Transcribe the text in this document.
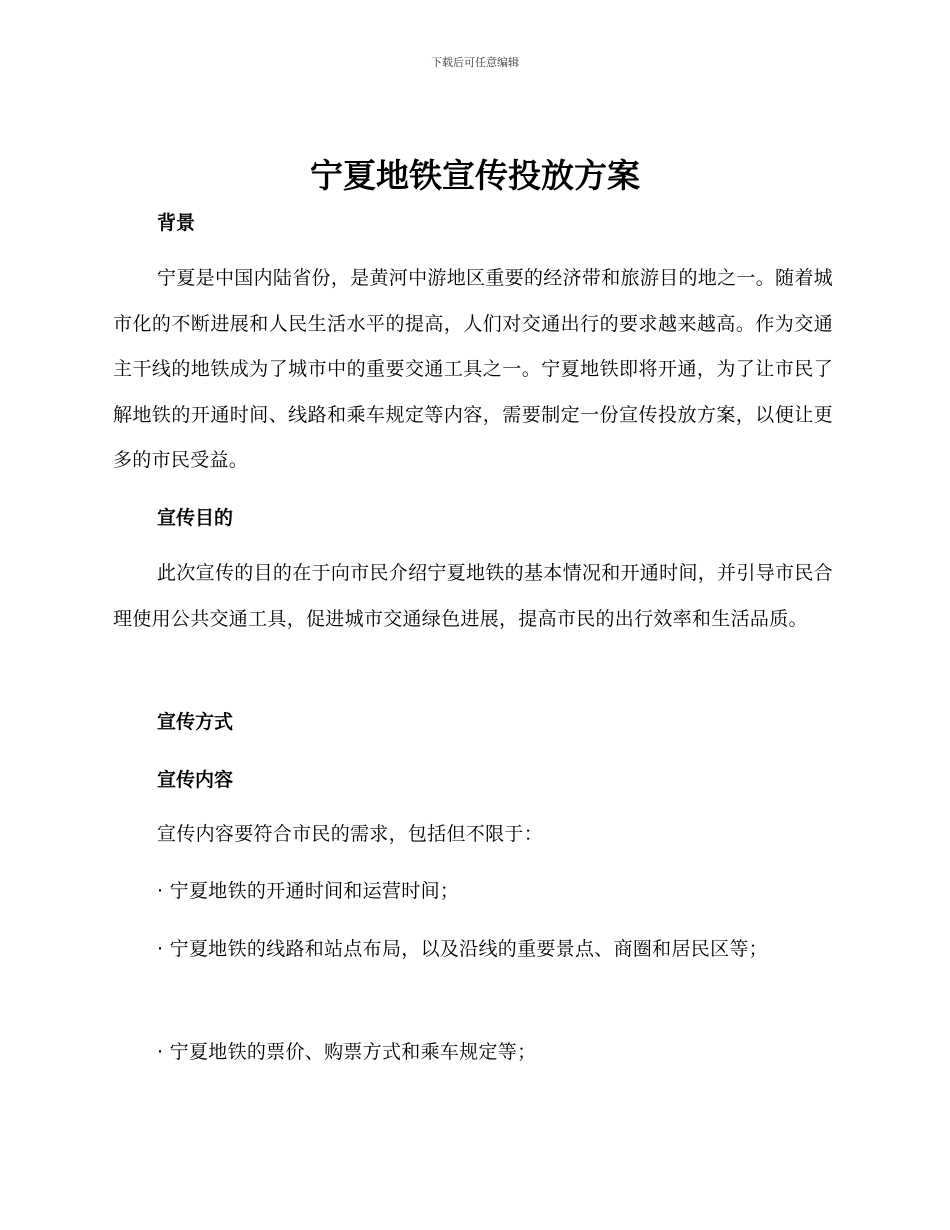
下载后可任意编辑
宁夏地铁宣传投放方案
背景
宁夏是中国内陆省份，是黄河中游地区重要的经济带和旅游目的地之一。随着城市化的不断进展和人民生活水平的提高，人们对交通出行的要求越来越高。作为交通主干线的地铁成为了城市中的重要交通工具之一。宁夏地铁即将开通，为了让市民了解地铁的开通时间、线路和乘车规定等内容，需要制定一份宣传投放方案，以便让更多的市民受益。
宣传目的
此次宣传的目的在于向市民介绍宁夏地铁的基本情况和开通时间，并引导市民合理使用公共交通工具，促进城市交通绿色进展，提高市民的出行效率和生活品质。
宣传方式
宣传内容
宣传内容要符合市民的需求，包括但不限于：
· 宁夏地铁的开通时间和运营时间；
· 宁夏地铁的线路和站点布局，以及沿线的重要景点、商圈和居民区等；
· 宁夏地铁的票价、购票方式和乘车规定等；
